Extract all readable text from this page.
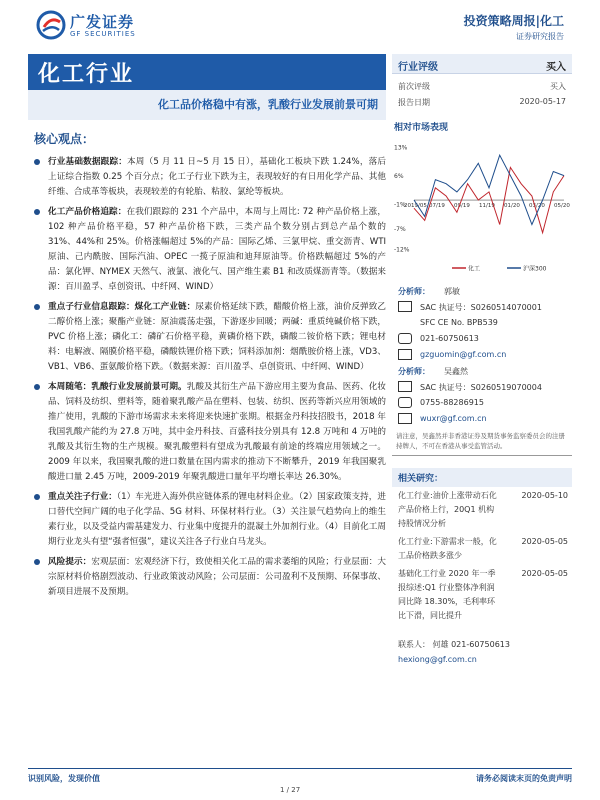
广发证券
GF SECURITIES
投资策略周报|化工
证券研究报告
化工行业
化工品价格稳中有涨，乳酸行业发展前景可期
核心观点：
行业基础数据跟踪：本周（5 月 11 日~5 月 15 日），基础化工板块下跌 1.24%，落后上证综合指数 0.25 个百分点；化工子行业下跌为主，表现较好的有日用化学产品、其他纤维、合成革等板块，表现较差的有轮胎、粘胶、氯纶等板块。
化工产品价格追踪：在我们跟踪的 231 个产品中，本周与上周比: 72 种产品价格上涨，102 种产品价格平稳，57 种产品价格下跌，三类产品个数分别占到总产品个数的 31%、44%和 25%。价格涨幅超过 5%的产品：国际乙烯、三氯甲烷、重交沥青、WTI 原油、己内酰胺、国际汽油、OPEC 一揽子原油和迪拜原油等。价格跌幅超过 5%的产品：氯化钾、NYMEX 天然气、液氯、液化气、国产维生素 B1 和改质煤沥青等。（数据来源：百川盈孚、卓创资讯、中纤网、WIND）
重点子行业信息跟踪：煤化工产业链：尿素价格延续下跌，醋酸价格上涨，油价反弹致乙二醇价格上涨；聚酯产业链：原油震荡走强，下游逐步回暖；两碱：重质纯碱价格下跌，PVC 价格上涨；磷化工：磷矿石价格平稳，黄磷价格下跌，磷酸二铵价格下跌；锂电材料：电解液、隔膜价格平稳，磷酸铁锂价格下跌；饲料添加剂：烟酰胺价格上涨，VD3、VB1、VB6、蛋氨酸价格下跌。（数据来源：百川盈孚、卓创资讯、中纤网、WIND）
本周随笔：乳酸行业发展前景可期。乳酸及其衍生产品下游应用主要为食品、医药、化妆品、饲料及纺织、塑料等，随着聚乳酸产品在塑料、包装、纺织、医药等新兴应用领域的推广使用，乳酸的下游市场需求未来将迎来快速扩张期。根据金丹科技招股书，2018 年我国乳酸产能约为 27.8 万吨，其中金丹科技、百盛科技分别具有 12.8 万吨和 4 万吨的乳酸及其衍生物的生产规模。聚乳酸塑料有望成为乳酸最有前途的终端应用领域之一。2009 年以来，我国聚乳酸的进口数量在国内需求的推动下不断攀升，2019 年我国聚乳酸进口量 2.45 万吨，2009-2019 年聚乳酸进口量年平均增长率达 26.30%。
重点关注子行业：（1）车光进入海外供应链体系的锂电材料企业。（2）国家政策支持，进口替代空间广阔的电子化学品、5G 材料、环保材料行业。（3）关注景气趋势向上的维生素行业，以及受益内需基建发力、行业集中度提升的混凝土外加剂行业。（4）目前化工周期行业龙头有望“强者恒强”，建议关注各子行业白马龙头。
风险提示：宏观层面：宏观经济下行，致使相关化工品的需求萎缩的风险；行业层面：大宗原材料价格剧烈波动、行业政策波动风险；公司层面：公司盈利不及预期、环保事故、新项目进展不及预期。
行业评级	买入
前次评级	买入
报告日期	2020-05-17
相对市场表现
13%
6%
-1%
-7%
-12%
2019/05 07/19 09/19 11/19 01/20 03/20 05/20
化工	沪深300
分析师： 郭敏
SAC 执证号：S0260514070001
SFC CE No. BPB539
021-60750613
gzguomin@gf.com.cn
分析师： 吴鑫然
SAC 执证号：S0260519070004
0755-88286915
wuxr@gf.com.cn
请注意，吴鑫然并非香港证券及期货事务监察委员会的注册持牌人，不可在香港从事受监管活动。
相关研究：
化工行业:油价上涨带动石化产品价格上行，20Q1 机构持股情况分析
2020-05-10
化工行业:下游需求一般，化工品价格跌多涨少
2020-05-05
基础化工行业 2020 年一季报综述:Q1 行业整体净利润同比降 18.30%，毛利率环比下滑，同比提升
2020-05-05
联系人： 何雄 021-60750613
hexiong@gf.com.cn
识别风险，发现价值	请务必阅读末页的免责声明
1 / 27
